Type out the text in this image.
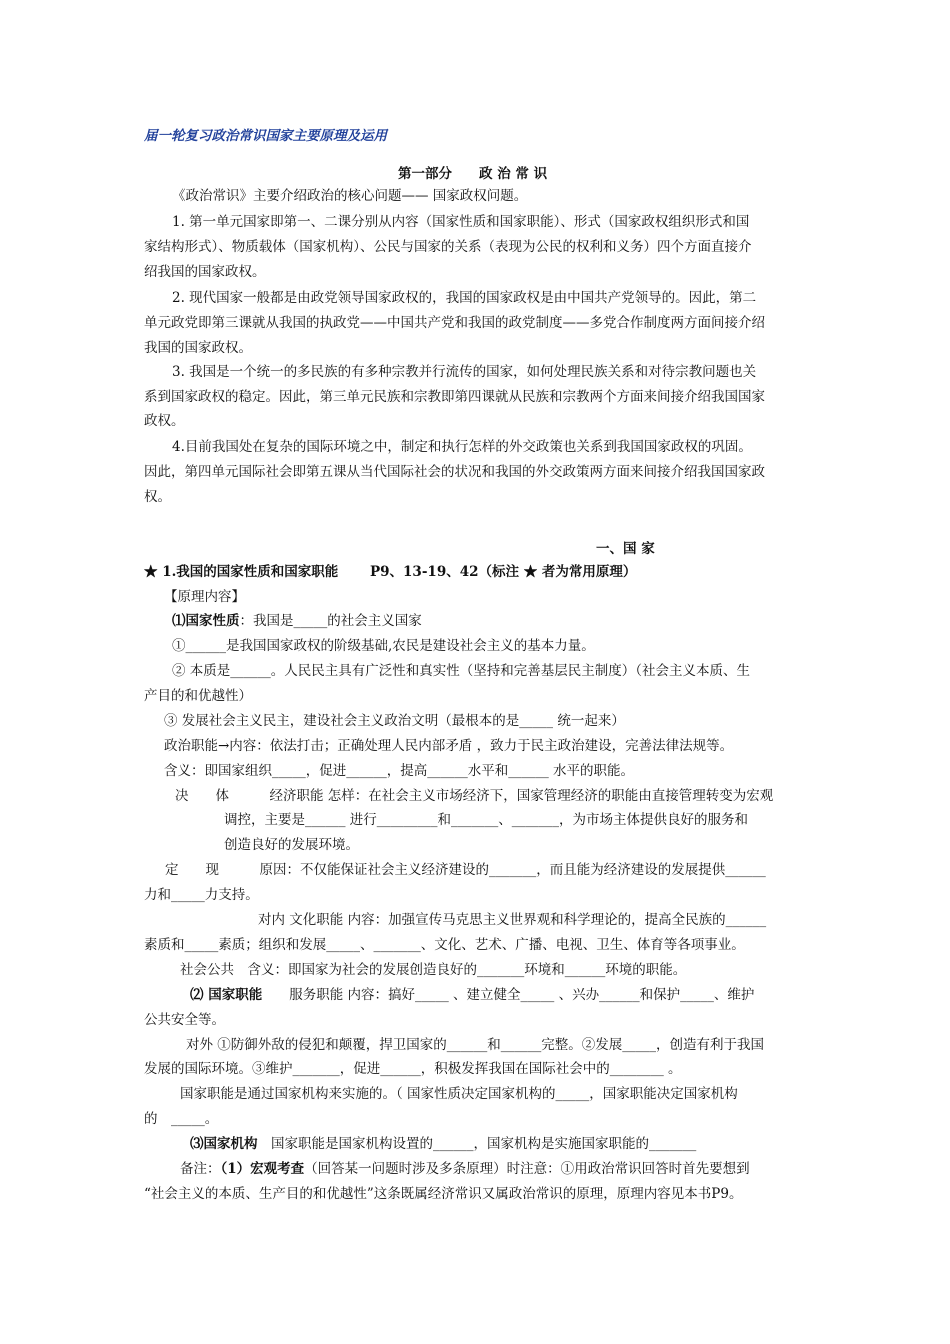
届一轮复习政治常识国家主要原理及运用
第一部分　　政 治 常 识
《政治常识》主要介绍政治的核心问题—— 国家政权问题。
1. 第一单元国家即第一、二课分别从内容（国家性质和国家职能）、形式（国家政权组织形式和国
家结构形式）、物质载体（国家机构）、公民与国家的关系（表现为公民的权利和义务）四个方面直接介
绍我国的国家政权。
2. 现代国家一般都是由政党领导国家政权的，我国的国家政权是由中国共产党领导的。因此，第二
单元政党即第三课就从我国的执政党——中国共产党和我国的政党制度——多党合作制度两方面间接介绍
我国的国家政权。
3. 我国是一个统一的多民族的有多种宗教并行流传的国家，如何处理民族关系和对待宗教问题也关
系到国家政权的稳定。因此，第三单元民族和宗教即第四课就从民族和宗教两个方面来间接介绍我国国家
政权。
4.目前我国处在复杂的国际环境之中，制定和执行怎样的外交政策也关系到我国国家政权的巩固。
因此，第四单元国际社会即第五课从当代国际社会的状况和我国的外交政策两方面来间接介绍我国国家政
权。
一、国 家
★ 1.我国的国家性质和国家职能　　 P9、13-19、42（标注 ★ 者为常用原理）
【原理内容】
⑴国家性质：我国是_____的社会主义国家
①______是我国国家政权的阶级基础,农民是建设社会主义的基本力量。
② 本质是______。人民民主具有广泛性和真实性（坚持和完善基层民主制度）（社会主义本质、生
产目的和优越性）
③ 发展社会主义民主，建设社会主义政治文明（最根本的是_____ 统一起来）
政治职能→内容：依法打击；正确处理人民内部矛盾 ，致力于民主政治建设，完善法律法规等。
含义：即国家组织_____，促进______，提高______水平和______ 水平的职能。
决　　体　　　经济职能 怎样：在社会主义市场经济下，国家管理经济的职能由直接管理转变为宏观
调控，主要是______ 进行_________和_______、_______，为市场主体提供良好的服务和
创造良好的发展环境。
定　　现　　　原因：不仅能保证社会主义经济建设的_______，而且能为经济建设的发展提供______
力和_____力支持。
对内 文化职能 内容：加强宣传马克思主义世界观和科学理论的，提高全民族的______
素质和_____素质；组织和发展_____、_______、文化、艺术、广播、电视、卫生、体育等各项事业。
社会公共　含义：即国家为社会的发展创造良好的_______环境和______环境的职能。
⑵ 国家职能　　服务职能 内容：搞好_____ 、建立健全_____ 、兴办______和保护_____、维护
公共安全等。
对外 ①防御外敌的侵犯和颠覆，捍卫国家的______和______完整。②发展_____，创造有利于我国
发展的国际环境。③维护_______，促进______，积极发挥我国在国际社会中的________ 。
国家职能是通过国家机构来实施的。（ 国家性质决定国家机构的_____，国家职能决定国家机构
的　_____。
⑶国家机构　国家职能是国家机构设置的______，国家机构是实施国家职能的_______
备注：（1）宏观考查（回答某一问题时涉及多条原理）时注意：①用政治常识回答时首先要想到
“社会主义的本质、生产目的和优越性”这条既属经济常识又属政治常识的原理，原理内容见本书P9。
